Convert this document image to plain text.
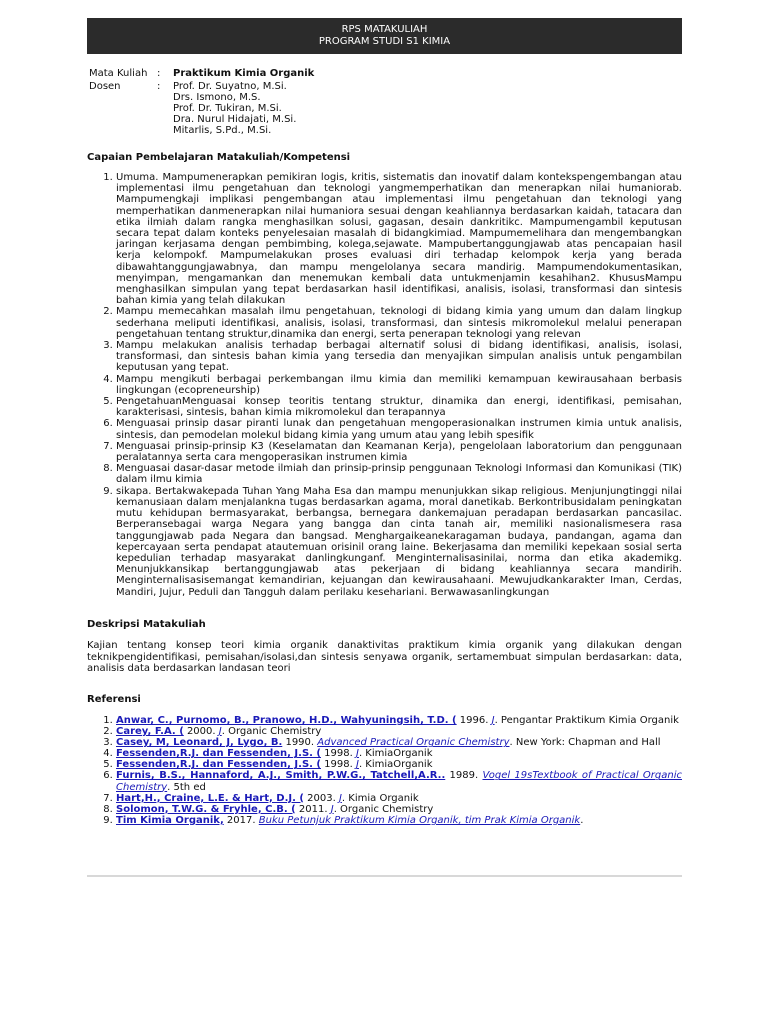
RPS MATAKULIAH
PROGRAM STUDI S1 KIMIA
Mata Kuliah :	Praktikum Kimia Organik
Dosen	:	Prof. Dr. Suyatno, M.Si.
Drs. Ismono, M.S.
Prof. Dr. Tukiran, M.Si.
Dra. Nurul Hidajati, M.Si.
Mitarlis, S.Pd., M.Si.
Capaian Pembelajaran Matakuliah/Kompetensi
1. Umuma. Mampumenerapkan pemikiran logis, kritis, sistematis dan inovatif dalam kontekspengembangan atau implementasi ilmu pengetahuan dan teknologi yangmemperhatikan dan menerapkan nilai humaniorab. Mampumengkaji implikasi pengembangan atau implementasi ilmu pengetahuan dan teknologi yang memperhatikan danmenerapkan nilai humaniora sesuai dengan keahliannya berdasarkan kaidah, tatacara dan etika ilmiah dalam rangka menghasilkan solusi, gagasan, desain dankritikc. Mampumengambil keputusan secara tepat dalam konteks penyelesaian masalah di bidangkimiad. Mampumemelihara dan mengembangkan jaringan kerjasama dengan pembimbing, kolega,sejawate. Mampubertanggungjawab atas pencapaian hasil kerja kelompokf. Mampumelakukan proses evaluasi diri terhadap kelompok kerja yang berada dibawahtanggungjawabnya, dan mampu mengelolanya secara mandirig. Mampumendokumentasikan, menyimpan, mengamankan dan menemukan kembali data untukmenjamin kesahihan2. KhususMampu menghasilkan simpulan yang tepat berdasarkan hasil identifikasi, analisis, isolasi, transformasi dan sintesis bahan kimia yang telah dilakukan
2. Mampu memecahkan masalah ilmu pengetahuan, teknologi di bidang kimia yang umum dan dalam lingkup sederhana meliputi identifikasi, analisis, isolasi, transformasi, dan sintesis mikromolekul melalui penerapan pengetahuan tentang struktur,dinamika dan energi, serta penerapan teknologi yang relevan
3. Mampu melakukan analisis terhadap berbagai alternatif solusi di bidang identifikasi, analisis, isolasi, transformasi, dan sintesis bahan kimia yang tersedia dan menyajikan simpulan analisis untuk pengambilan keputusan yang tepat.
4. Mampu mengikuti berbagai perkembangan ilmu kimia dan memiliki kemampuan kewirausahaan berbasis lingkungan (ecopreneurship)
5. PengetahuanMenguasai konsep teoritis tentang struktur, dinamika dan energi, identifikasi, pemisahan, karakterisasi, sintesis, bahan kimia mikromolekul dan terapannya
6. Menguasai prinsip dasar piranti lunak dan pengetahuan mengoperasionalkan instrumen kimia untuk analisis, sintesis, dan pemodelan molekul bidang kimia yang umum atau yang lebih spesifik
7. Menguasai prinsip-prinsip K3 (Keselamatan dan Keamanan Kerja), pengelolaan laboratorium dan penggunaan peralatannya serta cara mengoperasikan instrumen kimia
8. Menguasai dasar-dasar metode ilmiah dan prinsip-prinsip penggunaan Teknologi Informasi dan Komunikasi (TIK) dalam ilmu kimia
9. sikapa. Bertakwakepada Tuhan Yang Maha Esa dan mampu menunjukkan sikap religious. Menjunjungtinggi nilai kemanusiaan dalam menjalankna tugas berdasarkan agama, moral danetikab. Berkontribusidalam peningkatan mutu kehidupan bermasyarakat, berbangsa, bernegara dankemajuan peradapan berdasarkan pancasilac. Berperansebagai warga Negara yang bangga dan cinta tanah air, memiliki nasionalismesera rasa tanggungjawab pada Negara dan bangsad. Menghargaikeanekaragaman budaya, pandangan, agama dan kepercayaan serta pendapat atautemuan orisinil orang laine. Bekerjasama dan memiliki kepekaan sosial serta kepedulian terhadap masyarakat danlingkunganf. Menginternalisasinilai, norma dan etika akademikg. Menunjukkansikap bertanggungjawab atas pekerjaan di bidang keahliannya secara mandirih. Menginternalisasisemangat kemandirian, kejuangan dan kewirausahaani. Mewujudkankarakter Iman, Cerdas, Mandiri, Jujur, Peduli dan Tangguh dalam perilaku kesehariani. Berwawasanlingkungan
Deskripsi Matakuliah

Kajian tentang konsep teori kimia organik danaktivitas praktikum kimia organik yang dilakukan dengan teknikpengidentifikasi, pemisahan/isolasi,dan sintesis senyawa organik, sertamembuat simpulan berdasarkan: data, analisis data berdasarkan landasan teori

Referensi
1. Anwar, C., Purnomo, B., Pranowo, H.D., Wahyuningsih, T.D. ( 1996. J. Pengantar Praktikum Kimia Organik
2. Carey, F.A. ( 2000. J. Organic Chemistry
3. Casey, M, Leonard, J, Lygo, B. 1990. Advanced Practical Organic Chemistry. New York: Chapman and Hall
4. Fessenden,R.J. dan Fessenden, J.S. ( 1998. J. KimiaOrganik
5. Fessenden,R.J. dan Fessenden, J.S. ( 1998. J. KimiaOrganik
6. Furnis, B.S., Hannaford, A.J., Smith, P.W.G., Tatchell,A.R.. 1989. Vogel 19sTextbook of Practical Organic Chemistry. 5th ed
7. Hart,H., Craine, L.E. & Hart, D.J. ( 2003. J. Kimia Organik
8. Solomon, T.W.G. & Fryhle, C.B. ( 2011. J. Organic Chemistry
9. Tim Kimia Organik, 2017. Buku Petunjuk Praktikum Kimia Organik, tim Prak Kimia Organik.
